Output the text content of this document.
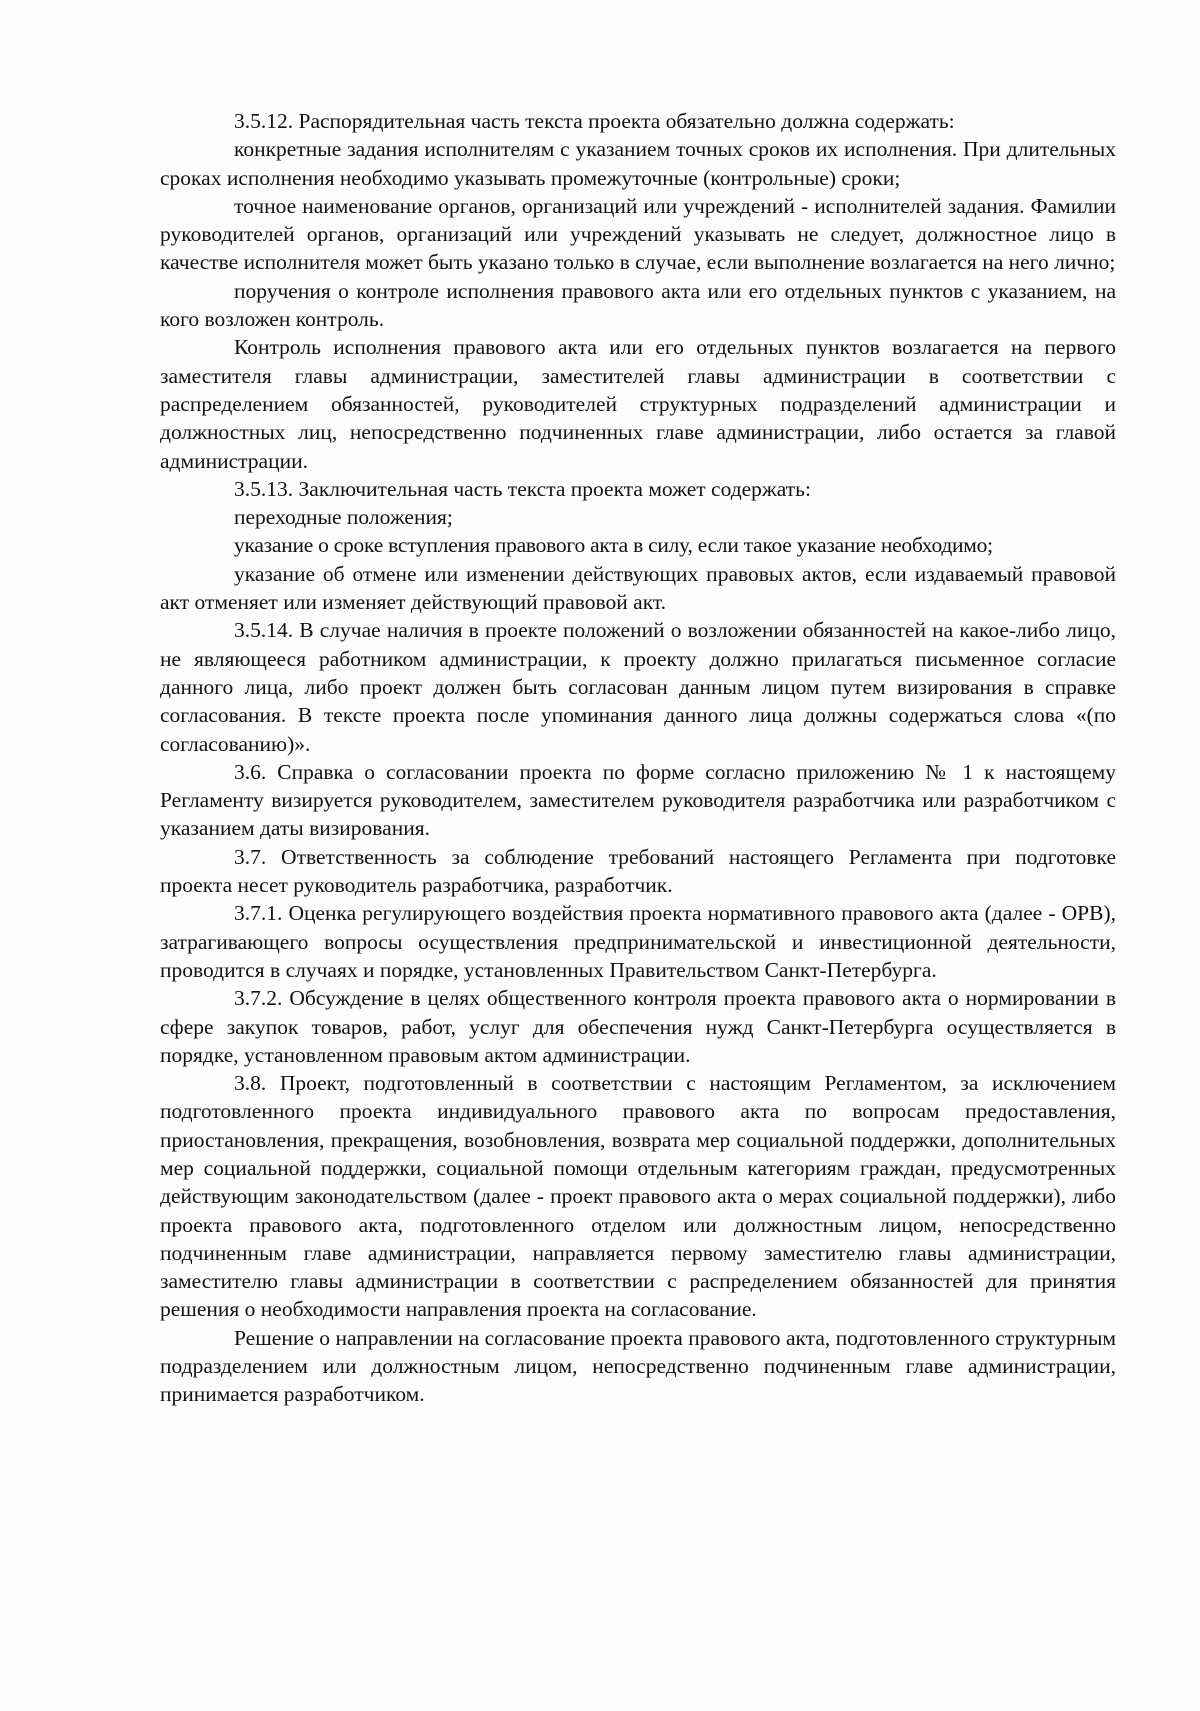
3.5.12. Распорядительная часть текста проекта обязательно должна содержать:

конкретные задания исполнителям с указанием точных сроков их исполнения. При длительных сроках исполнения необходимо указывать промежуточные (контрольные) сроки;

точное наименование органов, организаций или учреждений - исполнителей задания. Фамилии руководителей органов, организаций или учреждений указывать не следует, должностное лицо в качестве исполнителя может быть указано только в случае, если выполнение возлагается на него лично;

поручения о контроле исполнения правового акта или его отдельных пунктов с указанием, на кого возложен контроль.

Контроль исполнения правового акта или его отдельных пунктов возлагается на первого заместителя главы администрации, заместителей главы администрации в соответствии с распределением обязанностей, руководителей структурных подразделений администрации и должностных лиц, непосредственно подчиненных главе администрации, либо остается за главой администрации.

3.5.13. Заключительная часть текста проекта может содержать:

переходные положения;

указание о сроке вступления правового акта в силу, если такое указание необходимо;

указание об отмене или изменении действующих правовых актов, если издаваемый правовой акт отменяет или изменяет действующий правовой акт.

3.5.14. В случае наличия в проекте положений о возложении обязанностей на какое-либо лицо, не являющееся работником администрации, к проекту должно прилагаться письменное согласие данного лица, либо проект должен быть согласован данным лицом путем визирования в справке согласования. В тексте проекта после упоминания данного лица должны содержаться слова «(по согласованию)».

3.6. Справка о согласовании проекта по форме согласно приложению № 1 к настоящему Регламенту визируется руководителем, заместителем руководителя разработчика или разработчиком с указанием даты визирования.

3.7. Ответственность за соблюдение требований настоящего Регламента при подготовке проекта несет руководитель разработчика, разработчик.

3.7.1. Оценка регулирующего воздействия проекта нормативного правового акта (далее - ОРВ), затрагивающего вопросы осуществления предпринимательской и инвестиционной деятельности, проводится в случаях и порядке, установленных Правительством Санкт-Петербурга.

3.7.2. Обсуждение в целях общественного контроля проекта правового акта о нормировании в сфере закупок товаров, работ, услуг для обеспечения нужд Санкт-Петербурга осуществляется в порядке, установленном правовым актом администрации.

3.8. Проект, подготовленный в соответствии с настоящим Регламентом, за исключением подготовленного проекта индивидуального правового акта по вопросам предоставления, приостановления, прекращения, возобновления, возврата мер социальной поддержки, дополнительных мер социальной поддержки, социальной помощи отдельным категориям граждан, предусмотренных действующим законодательством (далее - проект правового акта о мерах социальной поддержки), либо проекта правового акта, подготовленного отделом или должностным лицом, непосредственно подчиненным главе администрации, направляется первому заместителю главы администрации, заместителю главы администрации в соответствии с распределением обязанностей для принятия решения о необходимости направления проекта на согласование.

Решение о направлении на согласование проекта правового акта, подготовленного структурным подразделением или должностным лицом, непосредственно подчиненным главе администрации, принимается разработчиком.
